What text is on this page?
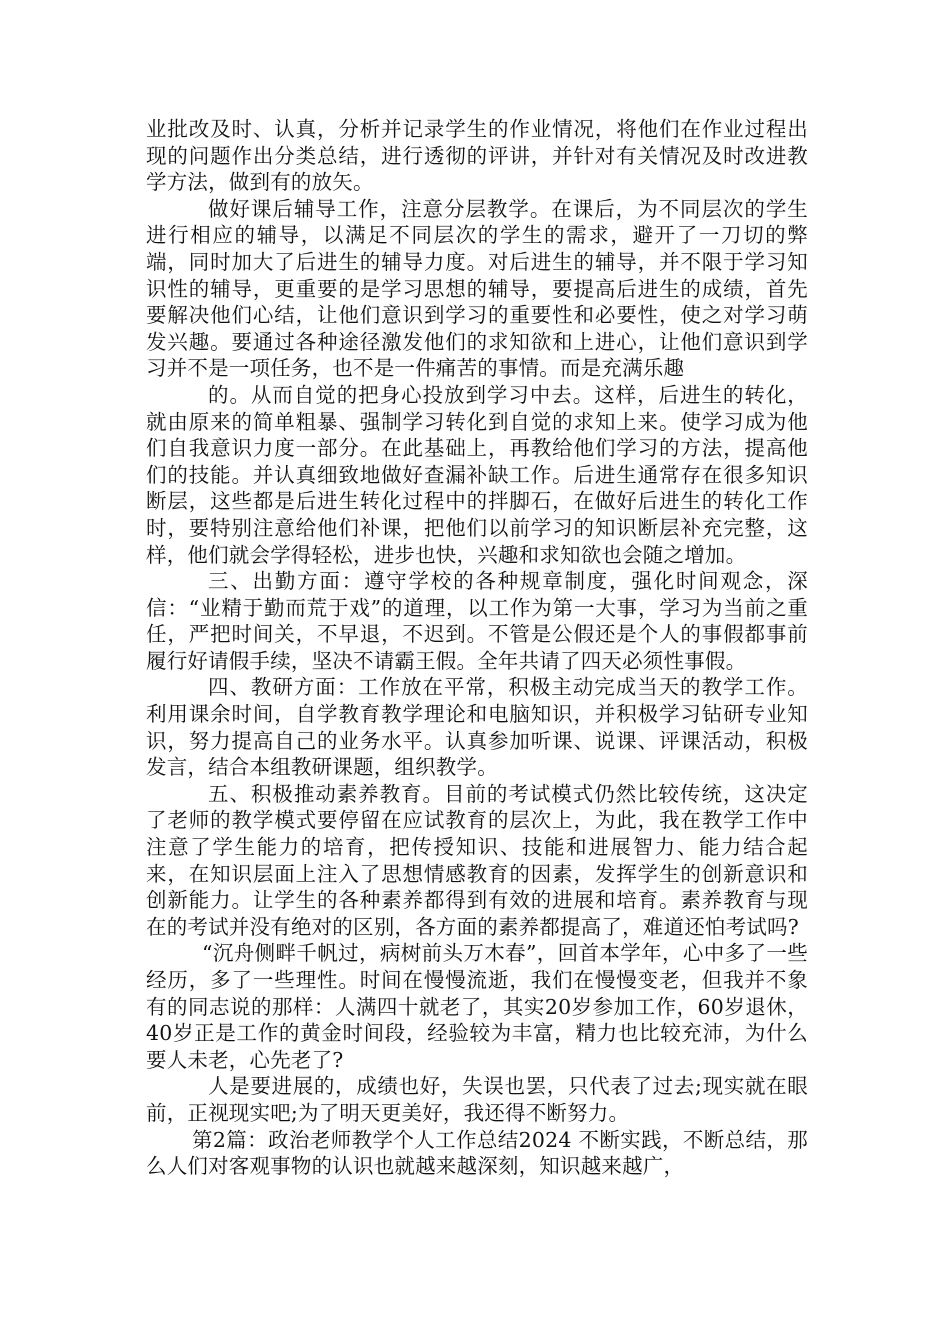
业批改及时、认真，分析并记录学生的作业情况，将他们在作业过程出现的问题作出分类总结，进行透彻的评讲，并针对有关情况及时改进教学方法，做到有的放矢。

做好课后辅导工作，注意分层教学。在课后，为不同层次的学生进行相应的辅导，以满足不同层次的学生的需求，避开了一刀切的弊端，同时加大了后进生的辅导力度。对后进生的辅导，并不限于学习知识性的辅导，更重要的是学习思想的辅导，要提高后进生的成绩，首先要解决他们心结，让他们意识到学习的重要性和必要性，使之对学习萌发兴趣。要通过各种途径激发他们的求知欲和上进心，让他们意识到学习并不是一项任务，也不是一件痛苦的事情。而是充满乐趣

的。从而自觉的把身心投放到学习中去。这样，后进生的转化，就由原来的简单粗暴、强制学习转化到自觉的求知上来。使学习成为他们自我意识力度一部分。在此基础上，再教给他们学习的方法，提高他们的技能。并认真细致地做好查漏补缺工作。后进生通常存在很多知识断层，这些都是后进生转化过程中的拌脚石，在做好后进生的转化工作时，要特别注意给他们补课，把他们以前学习的知识断层补充完整，这样，他们就会学得轻松，进步也快，兴趣和求知欲也会随之增加。

三、出勤方面：遵守学校的各种规章制度，强化时间观念，深信：“业精于勤而荒于戏”的道理，以工作为第一大事，学习为当前之重任，严把时间关，不早退，不迟到。不管是公假还是个人的事假都事前履行好请假手续，坚决不请霸王假。全年共请了四天必须性事假。

四、教研方面：工作放在平常，积极主动完成当天的教学工作。利用课余时间，自学教育教学理论和电脑知识，并积极学习钻研专业知识，努力提高自己的业务水平。认真参加听课、说课、评课活动，积极发言，结合本组教研课题，组织教学。

五、积极推动素养教育。目前的考试模式仍然比较传统，这决定了老师的教学模式要停留在应试教育的层次上，为此，我在教学工作中注意了学生能力的培育，把传授知识、技能和进展智力、能力结合起来，在知识层面上注入了思想情感教育的因素，发挥学生的创新意识和创新能力。让学生的各种素养都得到有效的进展和培育。素养教育与现在的考试并没有绝对的区别，各方面的素养都提高了，难道还怕考试吗?

“沉舟侧畔千帆过，病树前头万木春”，回首本学年，心中多了一些经历，多了一些理性。时间在慢慢流逝，我们在慢慢变老，但我并不象有的同志说的那样：人满四十就老了，其实20岁参加工作，60岁退休，40岁正是工作的黄金时间段，经验较为丰富，精力也比较充沛，为什么要人未老，心先老了?

人是要进展的，成绩也好，失误也罢，只代表了过去;现实就在眼前，正视现实吧;为了明天更美好，我还得不断努力。

第2篇：政治老师教学个人工作总结2024 不断实践，不断总结，那么人们对客观事物的认识也就越来越深刻，知识越来越广，
